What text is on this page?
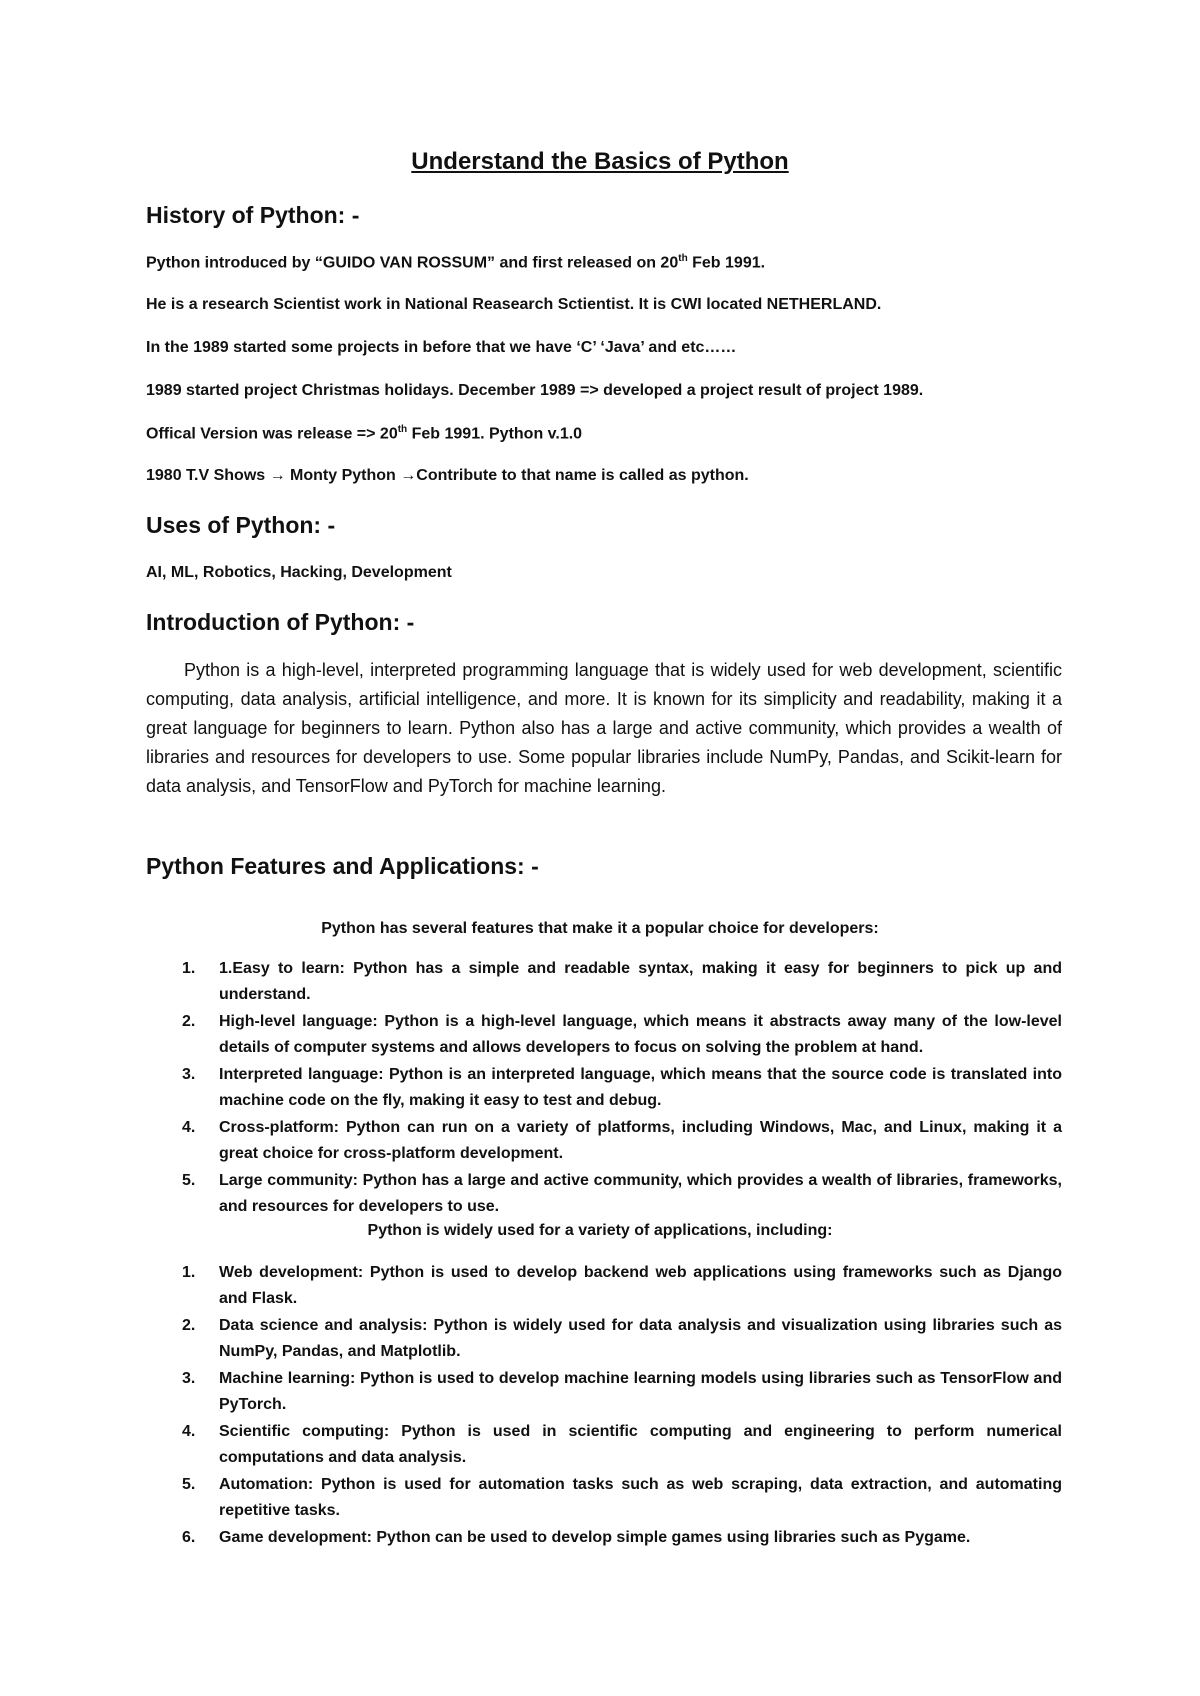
Understand the Basics of Python
History of Python: -
Python introduced by “GUIDO VAN ROSSUM” and first released on 20th Feb 1991.
He is a research Scientist work in National Reasearch Sctientist. It is CWI located NETHERLAND.
In the 1989 started some projects in before that we have ‘C’ ‘Java’ and etc……
1989 started project Christmas holidays. December 1989 => developed a project result of project 1989.
Offical Version was release => 20th Feb 1991. Python v.1.0
1980 T.V Shows → Monty Python →Contribute to that name is called as python.
Uses of Python: -
AI, ML, Robotics, Hacking, Development
Introduction of Python: -
Python is a high-level, interpreted programming language that is widely used for web development, scientific computing, data analysis, artificial intelligence, and more. It is known for its simplicity and readability, making it a great language for beginners to learn. Python also has a large and active community, which provides a wealth of libraries and resources for developers to use. Some popular libraries include NumPy, Pandas, and Scikit-learn for data analysis, and TensorFlow and PyTorch for machine learning.
Python Features and Applications: -
Python has several features that make it a popular choice for developers:
1. 1.Easy to learn: Python has a simple and readable syntax, making it easy for beginners to pick up and understand.
2. High-level language: Python is a high-level language, which means it abstracts away many of the low-level details of computer systems and allows developers to focus on solving the problem at hand.
3. Interpreted language: Python is an interpreted language, which means that the source code is translated into machine code on the fly, making it easy to test and debug.
4. Cross-platform: Python can run on a variety of platforms, including Windows, Mac, and Linux, making it a great choice for cross-platform development.
5. Large community: Python has a large and active community, which provides a wealth of libraries, frameworks, and resources for developers to use.
Python is widely used for a variety of applications, including:
1. Web development: Python is used to develop backend web applications using frameworks such as Django and Flask.
2. Data science and analysis: Python is widely used for data analysis and visualization using libraries such as NumPy, Pandas, and Matplotlib.
3. Machine learning: Python is used to develop machine learning models using libraries such as TensorFlow and PyTorch.
4. Scientific computing: Python is used in scientific computing and engineering to perform numerical computations and data analysis.
5. Automation: Python is used for automation tasks such as web scraping, data extraction, and automating repetitive tasks.
6. Game development: Python can be used to develop simple games using libraries such as Pygame.
